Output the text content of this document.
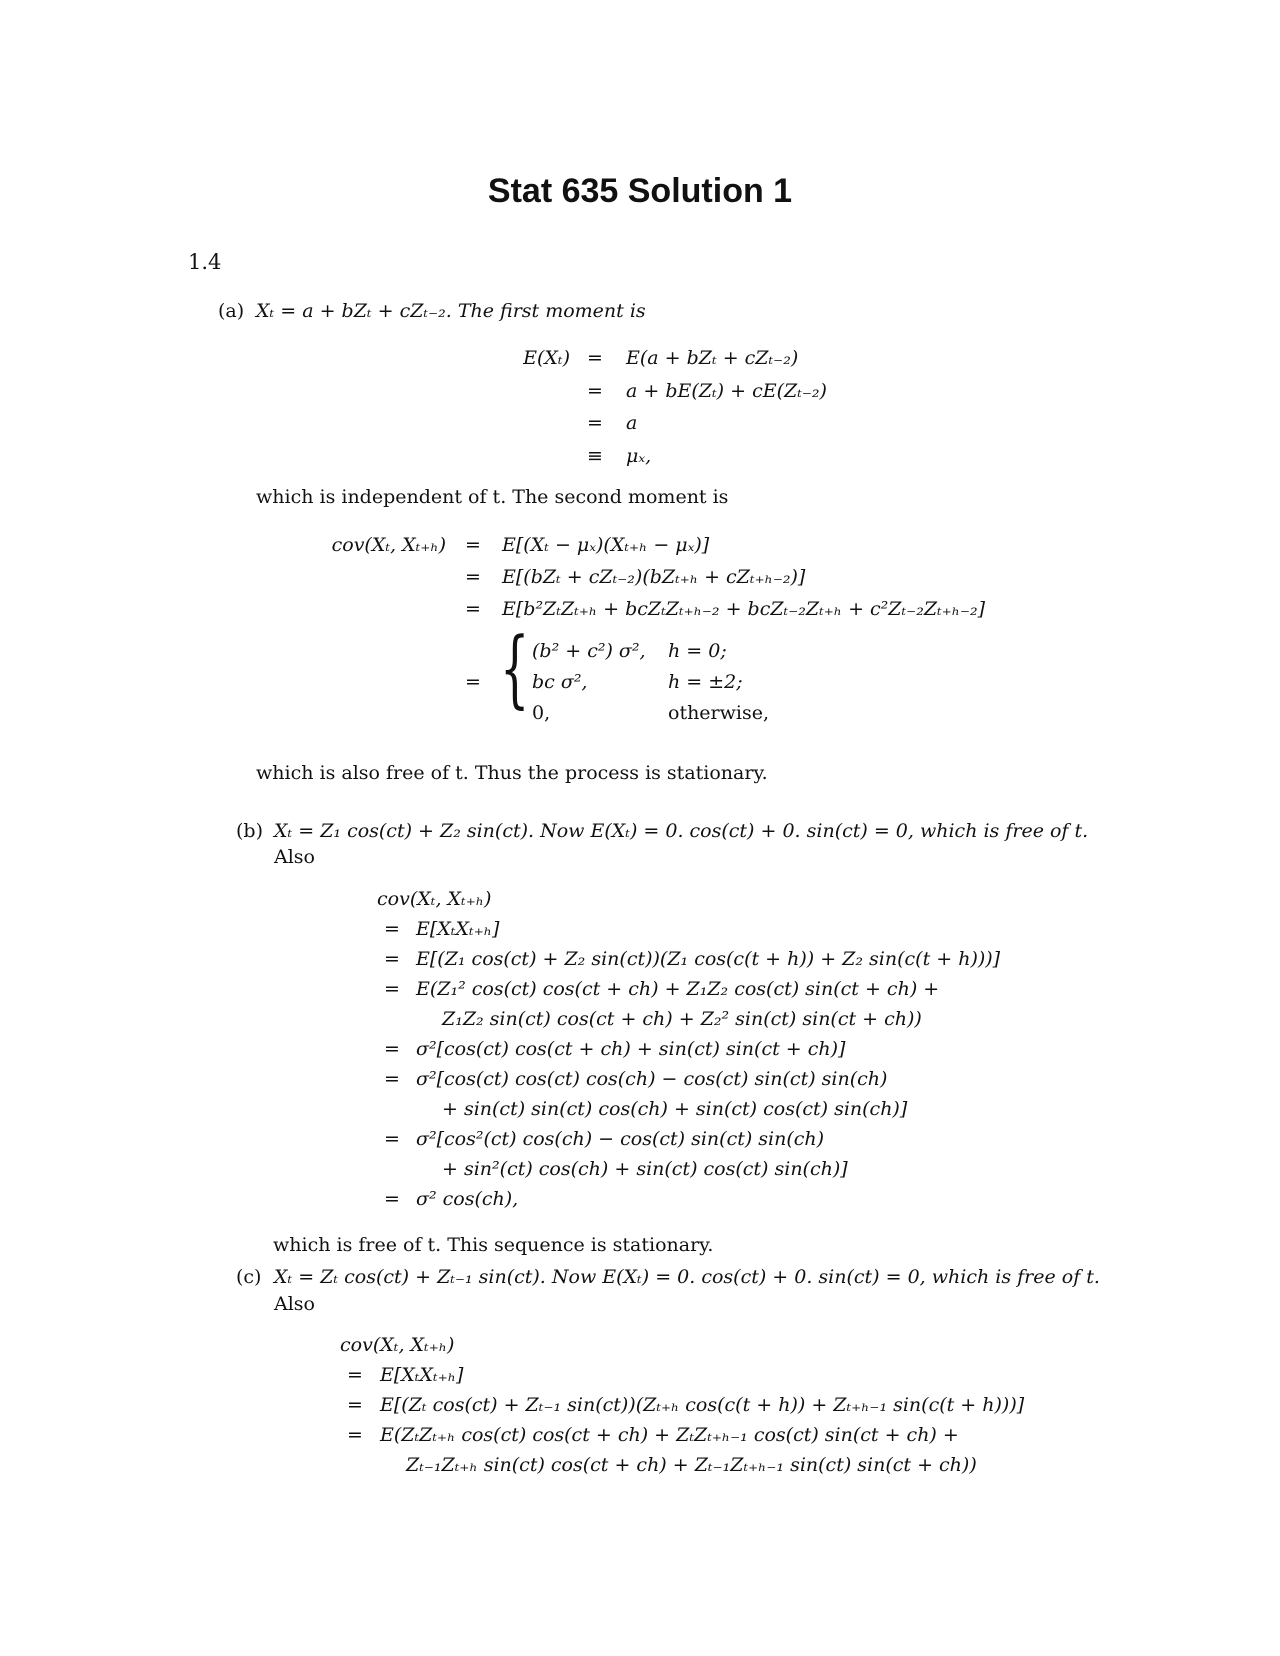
Stat 635 Solution 1
1.4
(a) Xₜ = a + bZₜ + cZₜ₋₂. The first moment is
E(Xₜ) =	E(a + bZₜ + cZₜ₋₂)
=	a + bE(Zₜ) + cE(Zₜ₋₂)
=	a
≡	μₓ,
which is independent of t. The second moment is
cov(Xₜ, Xₜ₊ₕ)	=	E[(Xₜ − μₓ)(Xₜ₊ₕ − μₓ)]
=	E[(bZₜ + cZₜ₋₂)(bZₜ₊ₕ + cZₜ₊ₕ₋₂)]
=	E[b²ZₜZₜ₊ₕ + bcZₜZₜ₊ₕ₋₂ + bcZₜ₋₂Zₜ₊ₕ + c²Zₜ₋₂Zₜ₊ₕ₋₂]
= { (b² + c²) σ², h = 0;
bc σ²,	h = ±2;
0,	otherwise,
which is also free of t. Thus the process is stationary.
(b) Xₜ = Z₁ cos(ct) + Z₂ sin(ct). Now E(Xₜ) = 0. cos(ct) + 0. sin(ct) = 0, which is free of t.
Also
cov(Xₜ, Xₜ₊ₕ)
= E[XₜXₜ₊ₕ]
= E[(Z₁ cos(ct) + Z₂ sin(ct))(Z₁ cos(c(t + h)) + Z₂ sin(c(t + h)))]
= E(Z₁² cos(ct) cos(ct + ch) + Z₁Z₂ cos(ct) sin(ct + ch) +
Z₁Z₂ sin(ct) cos(ct + ch) + Z₂² sin(ct) sin(ct + ch))
= σ²[cos(ct) cos(ct + ch) + sin(ct) sin(ct + ch)]
= σ²[cos(ct) cos(ct) cos(ch) − cos(ct) sin(ct) sin(ch)
+ sin(ct) sin(ct) cos(ch) + sin(ct) cos(ct) sin(ch)]
= σ²[cos²(ct) cos(ch) − cos(ct) sin(ct) sin(ch)
+ sin²(ct) cos(ch) + sin(ct) cos(ct) sin(ch)]
= σ² cos(ch),
which is free of t. This sequence is stationary.
(c) Xₜ = Zₜ cos(ct) + Zₜ₋₁ sin(ct). Now E(Xₜ) = 0. cos(ct) + 0. sin(ct) = 0, which is free of t.
Also
cov(Xₜ, Xₜ₊ₕ)
= E[XₜXₜ₊ₕ]
= E[(Zₜ cos(ct) + Zₜ₋₁ sin(ct))(Zₜ₊ₕ cos(c(t + h)) + Zₜ₊ₕ₋₁ sin(c(t + h)))]
= E(ZₜZₜ₊ₕ cos(ct) cos(ct + ch) + ZₜZₜ₊ₕ₋₁ cos(ct) sin(ct + ch) +
Zₜ₋₁Zₜ₊ₕ sin(ct) cos(ct + ch) + Zₜ₋₁Zₜ₊ₕ₋₁ sin(ct) sin(ct + ch))
